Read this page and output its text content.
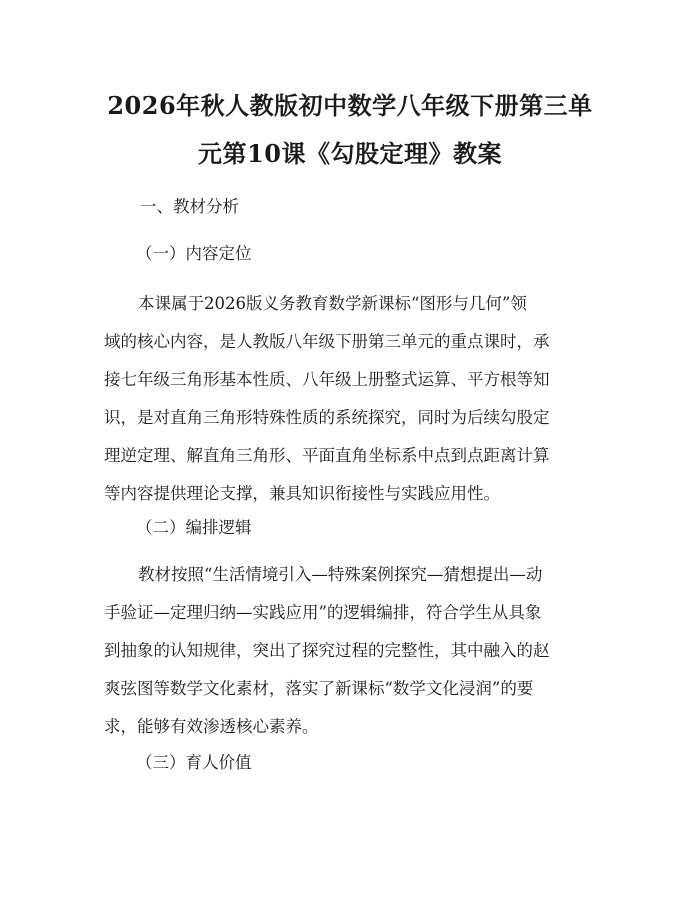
2026年秋人教版初中数学八年级下册第三单
元第10课《勾股定理》教案
一、教材分析
（一）内容定位
本课属于2026版义务教育数学新课标“图形与几何”领
域的核心内容，是人教版八年级下册第三单元的重点课时，承
接七年级三角形基本性质、八年级上册整式运算、平方根等知
识，是对直角三角形特殊性质的系统探究，同时为后续勾股定
理逆定理、解直角三角形、平面直角坐标系中点到点距离计算
等内容提供理论支撑，兼具知识衔接性与实践应用性。
（二）编排逻辑
教材按照“生活情境引入—特殊案例探究—猜想提出—动
手验证—定理归纳—实践应用”的逻辑编排，符合学生从具象
到抽象的认知规律，突出了探究过程的完整性，其中融入的赵
爽弦图等数学文化素材，落实了新课标“数学文化浸润”的要
求，能够有效渗透核心素养。
（三）育人价值
